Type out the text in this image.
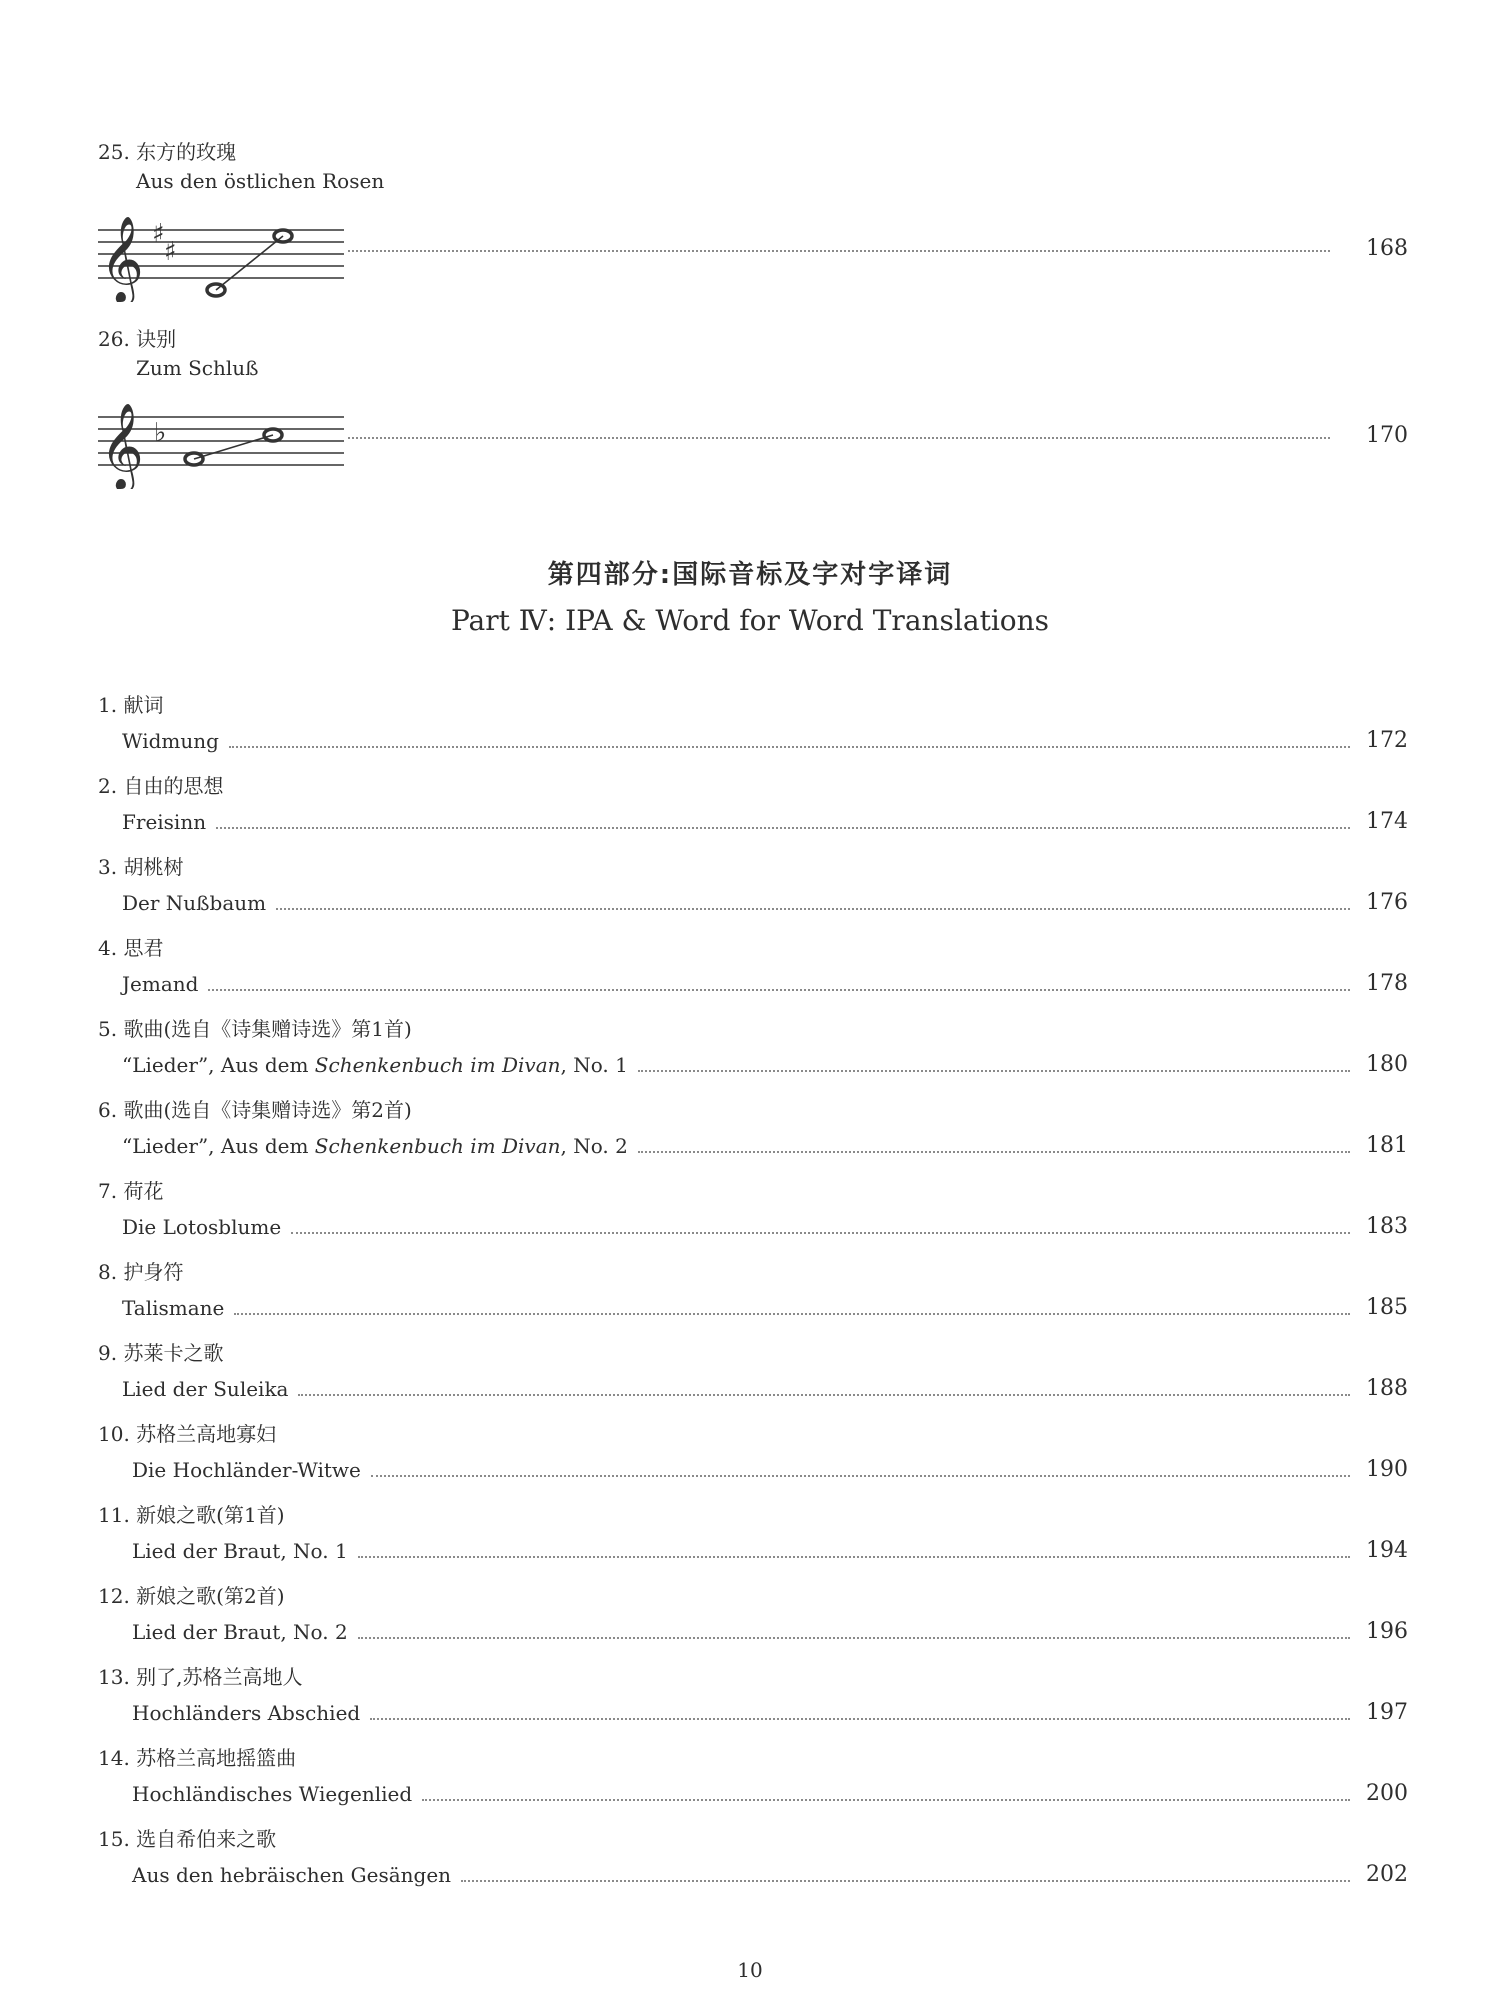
25. 东方的玫瑰
Aus den östlichen Rosen
𝄞 ♯
♯	168
26. 诀别
Zum Schluß
𝄞 ♭	170
第四部分:国际音标及字对字译词
Part Ⅳ: IPA & Word for Word Translations
1. 献词
Widmung	172
2. 自由的思想
Freisinn	174
3. 胡桃树
Der Nußbaum	176
4. 思君
Jemand	178
5. 歌曲(选自《诗集赠诗选》第1首)
“Lieder”, Aus dem Schenkenbuch im Divan, No. 1	180
6. 歌曲(选自《诗集赠诗选》第2首)
“Lieder”, Aus dem Schenkenbuch im Divan, No. 2	181
7. 荷花
Die Lotosblume	183
8. 护身符
Talismane	185
9. 苏莱卡之歌
Lied der Suleika	188
10. 苏格兰高地寡妇
Die Hochländer-Witwe	190
11. 新娘之歌(第1首)
Lied der Braut, No. 1	194
12. 新娘之歌(第2首)
Lied der Braut, No. 2	196
13. 别了,苏格兰高地人
Hochländers Abschied	197
14. 苏格兰高地摇篮曲
Hochländisches Wiegenlied	200
15. 选自希伯来之歌
Aus den hebräischen Gesängen	202
10
